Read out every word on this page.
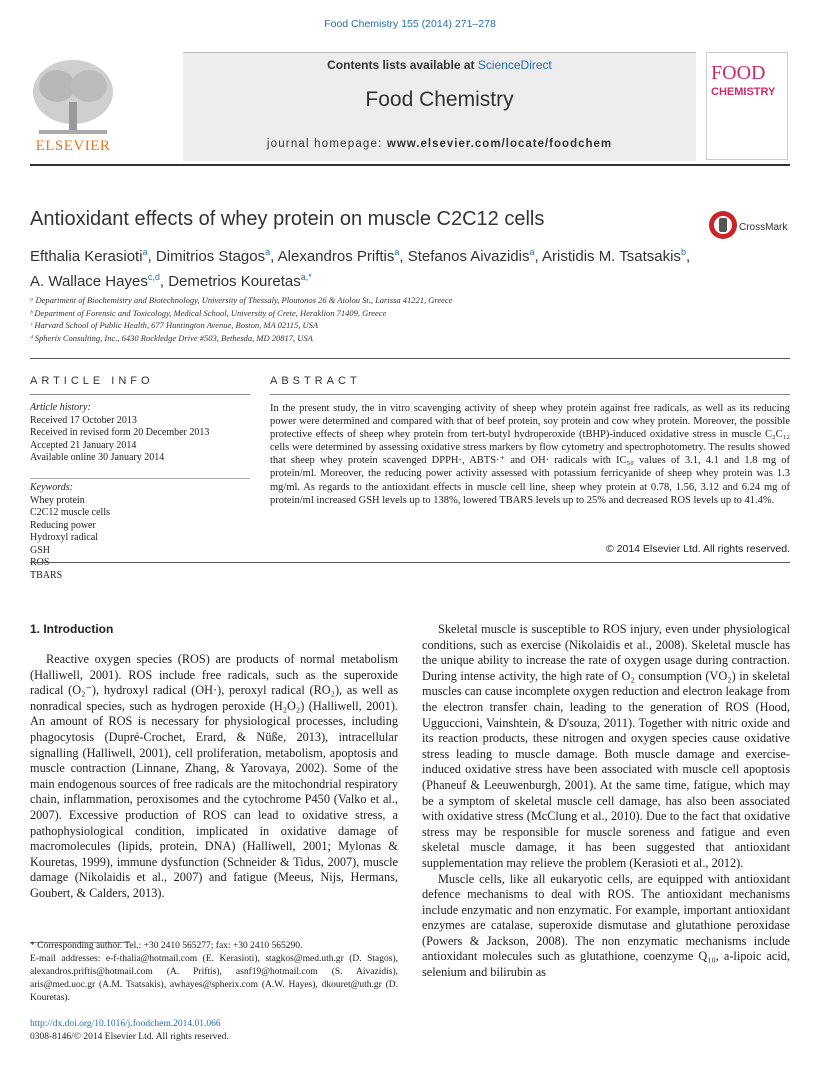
Food Chemistry 155 (2014) 271–278
Contents lists available at ScienceDirect
Food Chemistry
journal homepage: www.elsevier.com/locate/foodchem
ELSEVIER
FOOD
CHEMISTRY
Antioxidant effects of whey protein on muscle C2C12 cells	CrossMark
Efthalia Kerasioti$^a$, Dimitrios Stagos$^a$, Alexandros Priftis$^a$, Stefanos Aivazidis$^a$, Aristidis M. Tsatsakis$^b$,
A. Wallace Hayes$^{c,d}$, Demetrios Kouretas$^{a,*}$
ᵃ Department of Biochemistry and Biotechnology, University of Thessaly, Ploutonos 26 & Aiolou St., Larissa 41221, Greece
ᵇ Department of Forensic and Toxicology, Medical School, University of Crete, Heraklion 71409, Greece
ᶜ Harvard School of Public Health, 677 Huntington Avenue, Boston, MA 02115, USA
ᵈ Spherix Consulting, Inc., 6430 Rockledge Drive #503, Bethesda, MD 20817, USA
ARTICLE INFO	ABSTRACT
Article history:
Received 17 October 2013
Received in revised form 20 December 2013
Accepted 21 January 2014
Available online 30 January 2014
Keywords:
Whey protein
C2C12 muscle cells
Reducing power
Hydroxyl radical
GSH
TBARS
In the present study, the in vitro scavenging activity of sheep whey protein against free radicals, as well as its reducing power were determined and compared with that of beef protein, soy protein and cow whey protein. Moreover, the possible protective effects of sheep whey protein from tert-butyl hydroperoxide (tBHP)-induced oxidative stress in muscle C₂C₁₂ cells were determined by assessing oxidative stress markers by flow cytometry and spectrophotometry. The results showed that sheep whey protein scavenged DPPH·, ABTS·⁺ and OH· radicals with IC₅₀ values of 3.1, 4.1 and 1.8 mg of protein/ml. Moreover, the reducing power activity assessed with potassium ferricyanide of sheep whey protein was 1.3 mg/ml. As regards to the antioxidant effects in muscle cell line, sheep whey protein at 0.78, 1.56, 3.12 and 6.24 mg of protein/ml increased GSH levels up to 138%, lowered TBARS levels up to 25% and decreased ROS levels up to 41.4%.
© 2014 Elsevier Ltd. All rights reserved.
1. Introduction

Reactive oxygen species (ROS) are products of normal metabolism (Halliwell, 2001). ROS include free radicals, such as the superoxide radical (O₂⁻), hydroxyl radical (OH·), peroxyl radical (RO₂), as well as nonradical species, such as hydrogen peroxide (H₂O₂) (Halliwell, 2001). An amount of ROS is necessary for physiological processes, including phagocytosis (Dupré-Crochet, Erard, & Nüße, 2013), intracellular signalling (Halliwell, 2001), cell proliferation, metabolism, apoptosis and muscle contraction (Linnane, Zhang, & Yarovaya, 2002). Some of the main endogenous sources of free radicals are the mitochondrial respiratory chain, inflammation, peroxisomes and the cytochrome P450 (Valko et al., 2007). Excessive production of ROS can lead to oxidative stress, a pathophysiological condition, implicated in oxidative damage of macromolecules (lipids, protein, DNA) (Halliwell, 2001; Mylonas & Kouretas, 1999), immune dysfunction (Schneider & Tidus, 2007), muscle damage (Nikolaidis et al., 2007) and fatigue (Meeus, Nijs, Hermans, Goubert, & Calders, 2013).

Skeletal muscle is susceptible to ROS injury, even under physiological conditions, such as exercise (Nikolaidis et al., 2008). Skeletal muscle has the unique ability to increase the rate of oxygen usage during contraction. During intense activity, the high rate of O₂ consumption (VO₂) in skeletal muscles can cause incomplete oxygen reduction and electron leakage from the electron transfer chain, leading to the generation of ROS (Hood, Ugguccioni, Vainshtein, & D'souza, 2011). Together with nitric oxide and its reaction products, these nitrogen and oxygen species cause oxidative stress leading to muscle damage. Both muscle damage and exercise-induced oxidative stress have been associated with muscle cell apoptosis (Phaneuf & Leeuwenburgh, 2001). At the same time, fatigue, which may be a symptom of skeletal muscle cell damage, has also been associated with oxidative stress (McClung et al., 2010). Due to the fact that oxidative stress may be responsible for muscle soreness and fatigue and even skeletal muscle damage, it has been suggested that antioxidant supplementation may relieve the problem (Kerasioti et al., 2012).

Muscle cells, like all eukaryotic cells, are equipped with antioxidant defence mechanisms to deal with ROS. The antioxidant mechanisms include enzymatic and non enzymatic. For example, important antioxidant enzymes are catalase, superoxide dismutase and glutathione peroxidase (Powers & Jackson, 2008). The non enzymatic mechanisms include antioxidant molecules such as glutathione, coenzyme Q₁₀, a-lipoic acid, selenium and bilirubin as

* Corresponding author. Tel.: +30 2410 565277; fax: +30 2410 565290.

E-mail addresses: e-f-thalia@hotmail.com (E. Kerasioti), stagkos@med.uth.gr (D. Stagos), alexandros.priftis@hotmail.com (A. Priftis), asnf19@hotmail.com (S. Aivazidis), aris@med.uoc.gr (A.M. Tsatsakis), awhayes@spherix.com (A.W. Hayes), dkouret@uth.gr (D. Kouretas).

http://dx.doi.org/10.1016/j.foodchem.2014.01.066
0308-8146/© 2014 Elsevier Ltd. All rights reserved.
